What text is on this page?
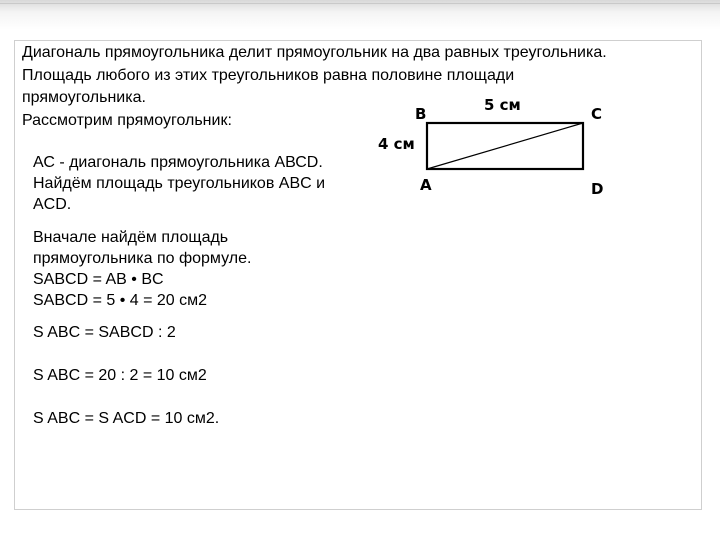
Диагональ прямоугольника делит прямоугольник на два равных треугольника.

Площадь любого из этих треугольников равна половине площади

прямоугольника.

Рассмотрим прямоугольник:

АС - диагональ прямоугольника АВСD.

Найдём площадь треугольников ABC и

ACD.

Вначале найдём площадь

прямоугольника по формуле.

SABCD = AB • BC

SABCD = 5 • 4 = 20 см2

S ABC = SABCD : 2

S ABC = 20 : 2 = 10 см2

S ABC = S ACD = 10 см2.

B	C
A	D
5 см
4 см
